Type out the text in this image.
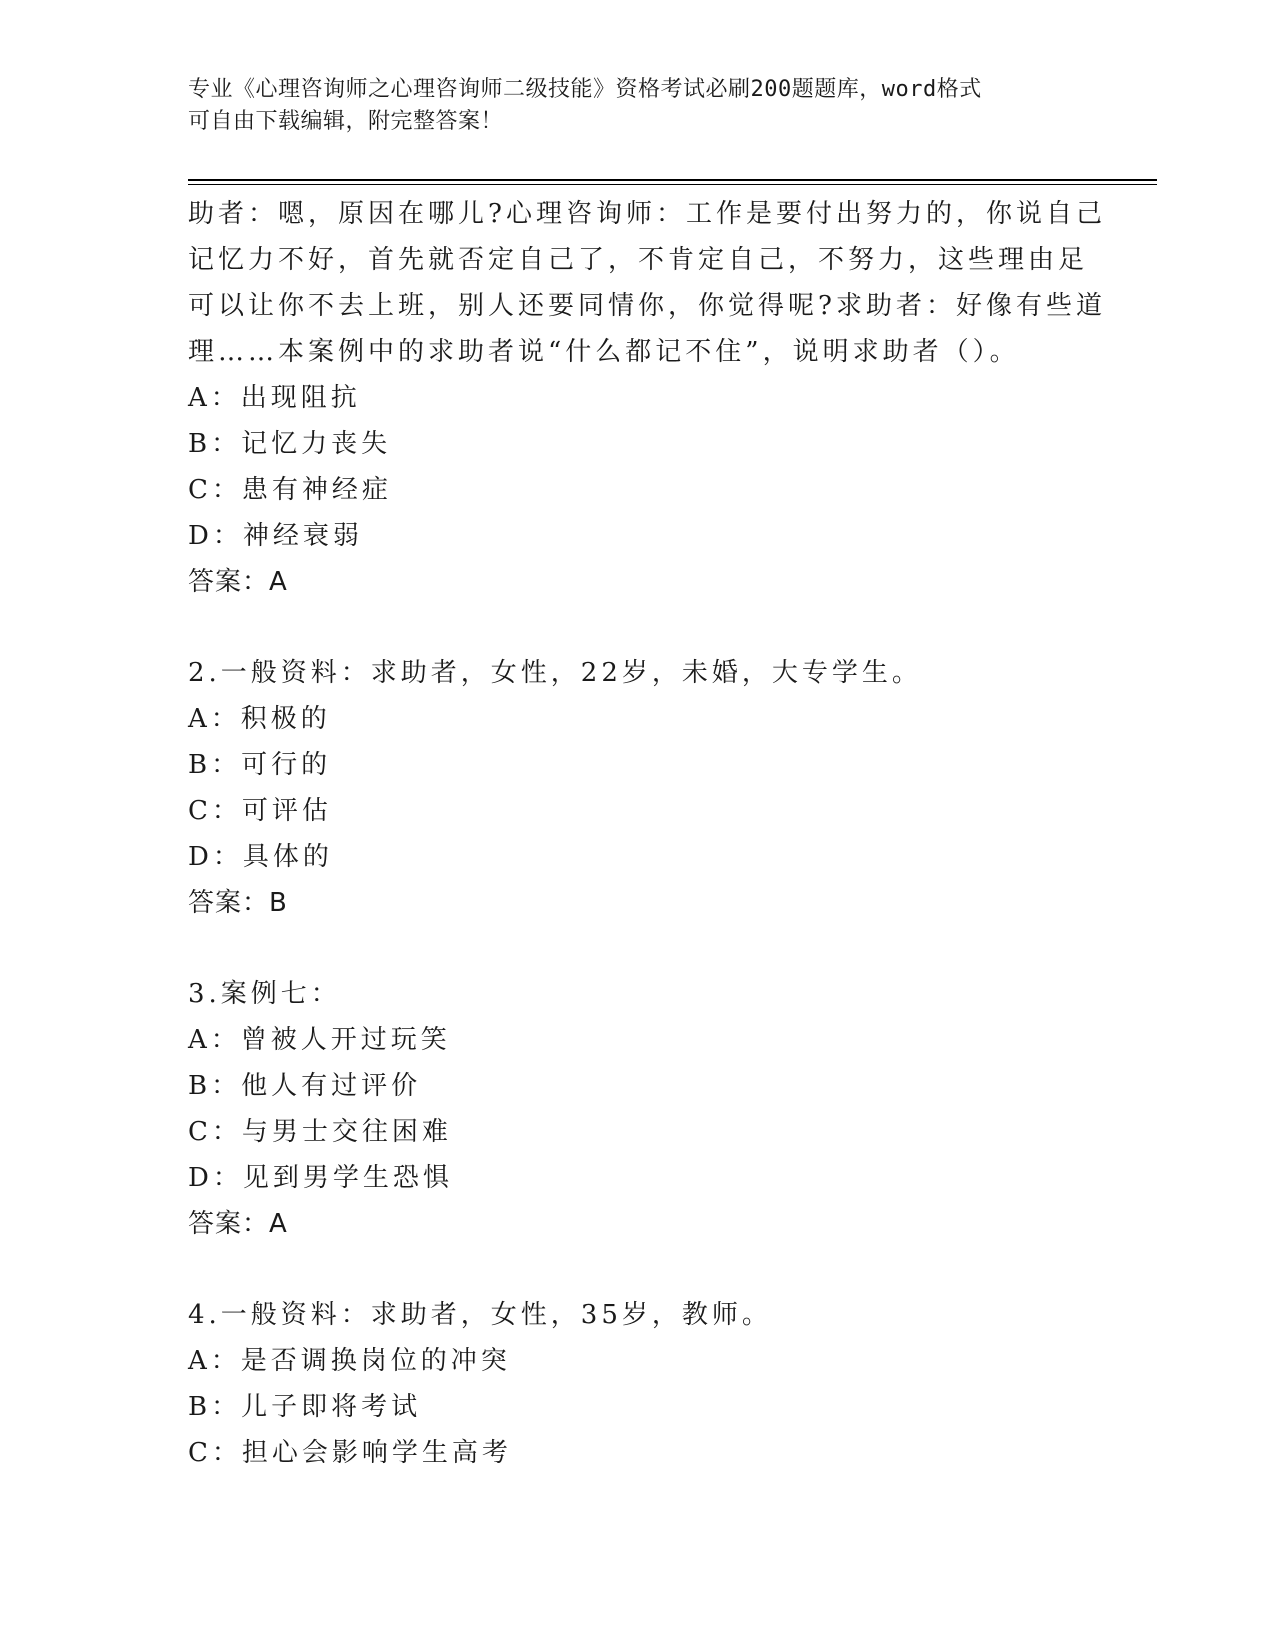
专业《心理咨询师之心理咨询师二级技能》资格考试必刷200题题库，word格式
可自由下载编辑，附完整答案！
助者：嗯，原因在哪儿?心理咨询师：工作是要付出努力的，你说自己
记忆力不好，首先就否定自己了，不肯定自己，不努力，这些理由足
可以让你不去上班，别人还要同情你，你觉得呢?求助者：好像有些道
理……本案例中的求助者说“什么都记不住”，说明求助者（）。
A：出现阻抗
B：记忆力丧失
C：患有神经症
D：神经衰弱
答案：A
2.一般资料：求助者，女性，22岁，未婚，大专学生。
A：积极的
B：可行的
C：可评估
D：具体的
答案：B
3.案例七：
A：曾被人开过玩笑
B：他人有过评价
C：与男士交往困难
D：见到男学生恐惧
答案：A
4.一般资料：求助者，女性，35岁，教师。
A：是否调换岗位的冲突
B：儿子即将考试
C：担心会影响学生高考
